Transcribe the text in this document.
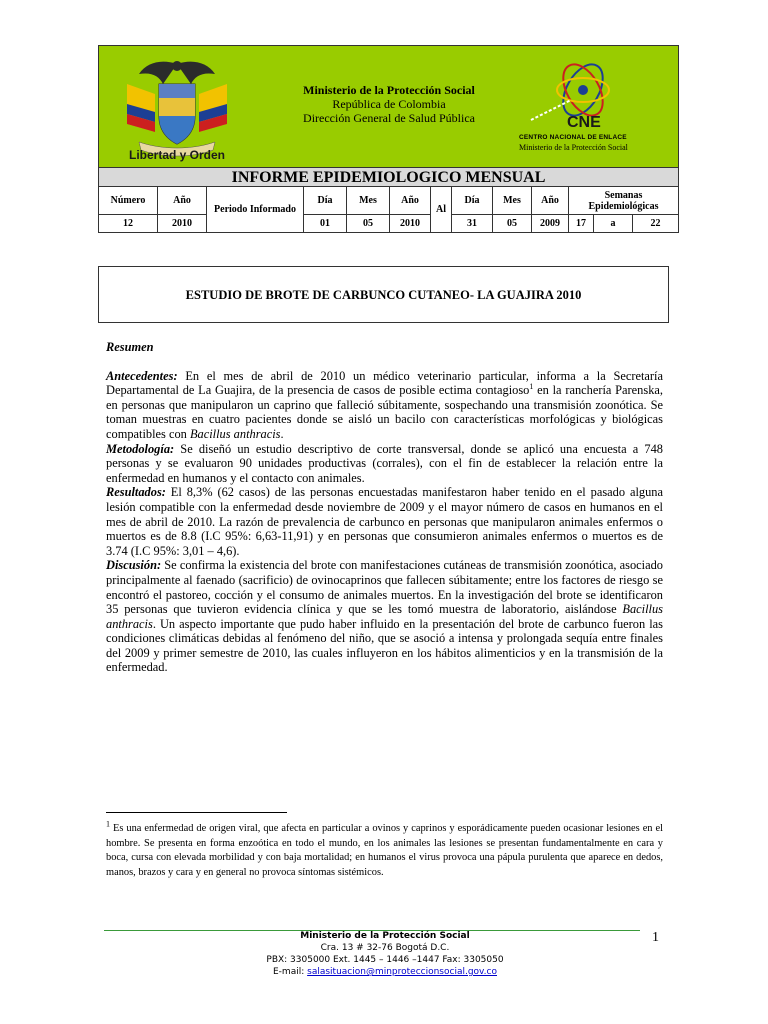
Libertad y Orden
Ministerio de la Protección Social
República de Colombia
Dirección General de Salud Pública	CNE
CENTRO NACIONAL DE ENLACE
Ministerio de la Protección Social
INFORME EPIDEMIOLOGICO MENSUAL
Número	Año	Periodo Informado	Día	Mes	Año	Al	Día	Mes	Año	Semanas Epidemiológicas		
12	2010		01	05	2010		31	05	2009	17	a	22
ESTUDIO DE BROTE DE CARBUNCO CUTANEO- LA GUAJIRA 2010

Resumen

Antecedentes: En el mes de abril de 2010 un médico veterinario particular, informa a la Secretaría Departamental de La Guajira, de la presencia de casos de posible ectima contagioso$^1$ en la ranchería Parenska, en personas que manipularon un caprino que falleció súbitamente, sospechando una transmisión zoonótica. Se toman muestras en cuatro pacientes donde se aisló un bacilo con características morfológicas y biológicas compatibles con Bacillus anthracis.

Metodología: Se diseñó un estudio descriptivo de corte transversal, donde se aplicó una encuesta a 748 personas y se evaluaron 90 unidades productivas (corrales), con el fin de establecer la relación entre la enfermedad en humanos y el contacto con animales.

Resultados: El 8,3% (62 casos) de las personas encuestadas manifestaron haber tenido en el pasado alguna lesión compatible con la enfermedad desde noviembre de 2009 y el mayor número de casos en humanos en el mes de abril de 2010. La razón de prevalencia de carbunco en personas que manipularon animales enfermos o muertos es de 8.8 (I.C 95%: 6,63-11,91) y en personas que consumieron animales enfermos o muertos es de 3.74 (I.C 95%: 3,01 – 4,6).

Discusión: Se confirma la existencia del brote con manifestaciones cutáneas de transmisión zoonótica, asociado principalmente al faenado (sacrificio) de ovinocaprinos que fallecen súbitamente; entre los factores de riesgo se encontró el pastoreo, cocción y el consumo de animales muertos. En la investigación del brote se identificaron 35 personas que tuvieron evidencia clínica y que se les tomó muestra de laboratorio, aislándose Bacillus anthracis. Un aspecto importante que pudo haber influido en la presentación del brote de carbunco fueron las condiciones climáticas debidas al fenómeno del niño, que se asoció a intensa y prolongada sequía entre finales del 2009 y primer semestre de 2010, las cuales influyeron en los hábitos alimenticios y en la transmisión de la enfermedad.

$^1$ Es una enfermedad de origen viral, que afecta en particular a ovinos y caprinos y esporádicamente pueden ocasionar lesiones en el hombre. Se presenta en forma enzoótica en todo el mundo, en los animales las lesiones se presentan fundamentalmente en cara y boca, cursa con elevada morbilidad y con baja mortalidad; en humanos el virus provoca una pápula purulenta que aparece en dedos, manos, brazos y cara y en general no provoca síntomas sistémicos.
1
Ministerio de la Protección Social
Cra. 13 # 32-76 Bogotá D.C.
PBX: 3305000 Ext. 1445 – 1446 –1447 Fax: 3305050
E-mail: salasituacion@minproteccionsocial.gov.co
